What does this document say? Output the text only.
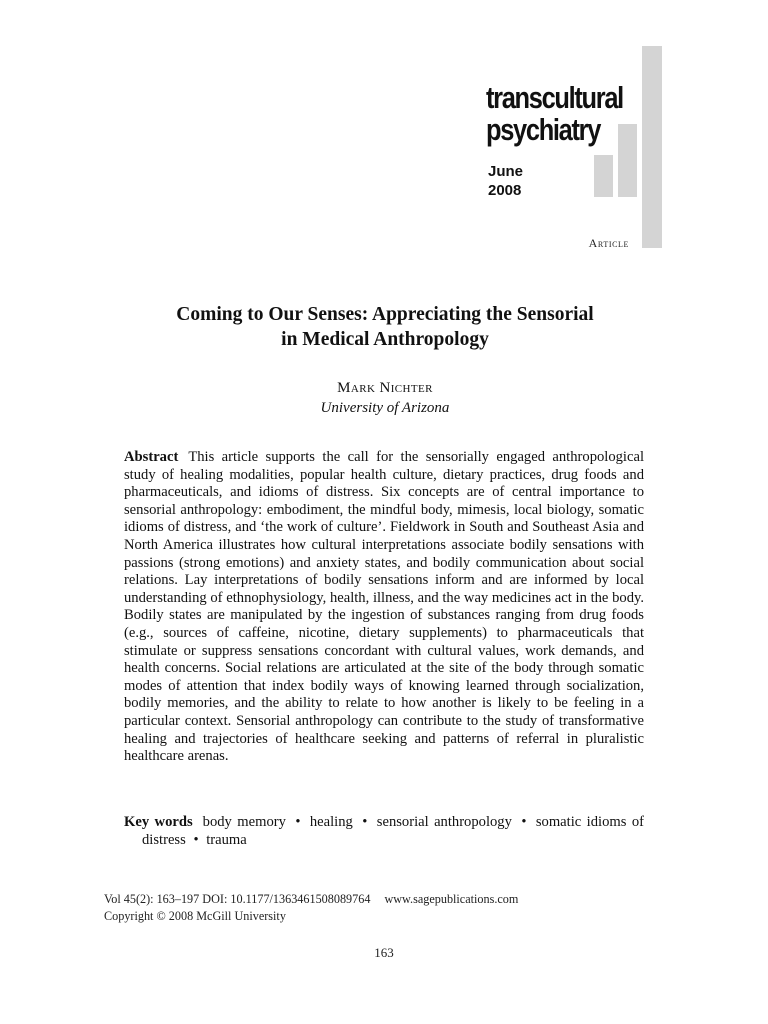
transcultural
psychiatry
June
2008
Article
Coming to Our Senses: Appreciating the Sensorial
in Medical Anthropology
Mark Nichter
University of Arizona

Abstract This article supports the call for the sensorially engaged anthropological study of healing modalities, popular health culture, dietary practices, drug foods and pharmaceuticals, and idioms of distress. Six concepts are of central importance to sensorial anthropology: embodiment, the mindful body, mimesis, local biology, somatic idioms of distress, and ‘the work of culture’. Fieldwork in South and Southeast Asia and North America illustrates how cultural interpretations associate bodily sensations with passions (strong emotions) and anxiety states, and bodily communication about social relations. Lay interpretations of bodily sensations inform and are informed by local understanding of ethnophysiology, health, illness, and the way medicines act in the body. Bodily states are manipulated by the ingestion of substances ranging from drug foods (e.g., sources of caffeine, nicotine, dietary supplements) to pharmaceuticals that stimulate or suppress sensations concordant with cultural values, work demands, and health concerns. Social relations are articulated at the site of the body through somatic modes of attention that index bodily ways of knowing learned through socialization, bodily memories, and the ability to relate to how another is likely to be feeling in a particular context. Sensorial anthropology can contribute to the study of transformative healing and trajectories of healthcare seeking and patterns of referral in pluralistic healthcare arenas.

Key words body memory • healing • sensorial anthropology • somatic idioms of distress • trauma
Vol 45(2): 163–197 DOI: 10.1177/1363461508089764 www.sagepublications.com
Copyright © 2008 McGill University
163
